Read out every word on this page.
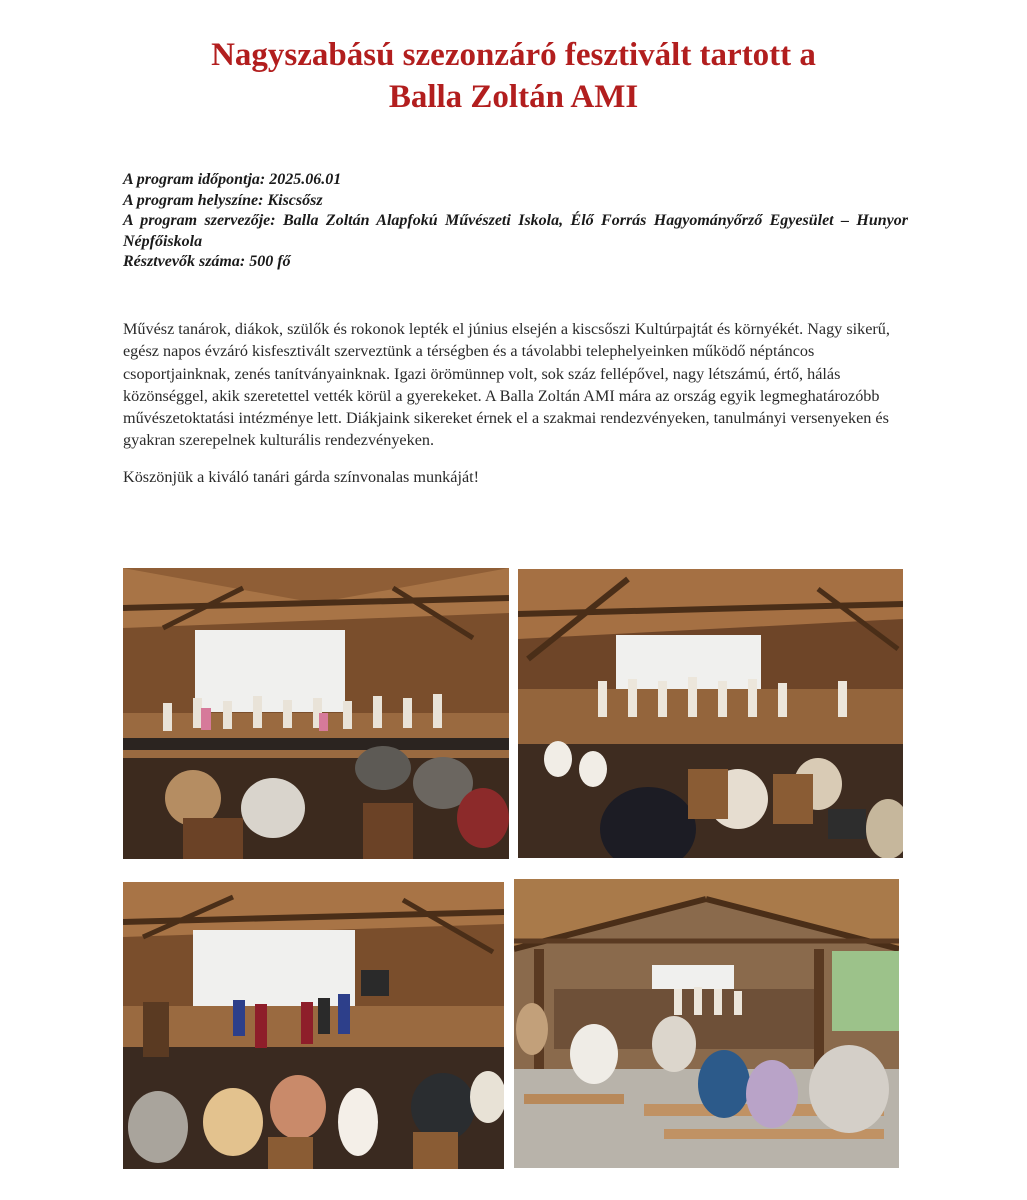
Nagyszabású szezonzáró fesztivált tartott a
Balla Zoltán AMI
A program időpontja: 2025.06.01
A program helyszíne: Kiscsősz
A program szervezője: Balla Zoltán Alapfokú Művészeti Iskola, Élő Forrás Hagyományőrző Egyesület – Hunyor Népfőiskola
Résztvevők száma: 500 fő

Művész tanárok, diákok, szülők és rokonok lepték el június elsején a kiscsőszi Kultúrpajtát és környékét. Nagy sikerű, egész napos évzáró kisfesztivált szerveztünk a térségben és a távolabbi telephelyeinken működő néptáncos csoportjainknak, zenés tanítványainknak. Igazi örömünnep volt, sok száz fellépővel, nagy létszámú, értő, hálás közönséggel, akik szeretettel vették körül a gyerekeket. A Balla Zoltán AMI mára az ország egyik legmeghatározóbb művészetoktatási intézménye lett. Diákjaink sikereket érnek el a szakmai rendezvényeken, tanulmányi versenyeken és gyakran szerepelnek kulturális rendezvényeken.

Köszönjük a kiváló tanári gárda színvonalas munkáját!
